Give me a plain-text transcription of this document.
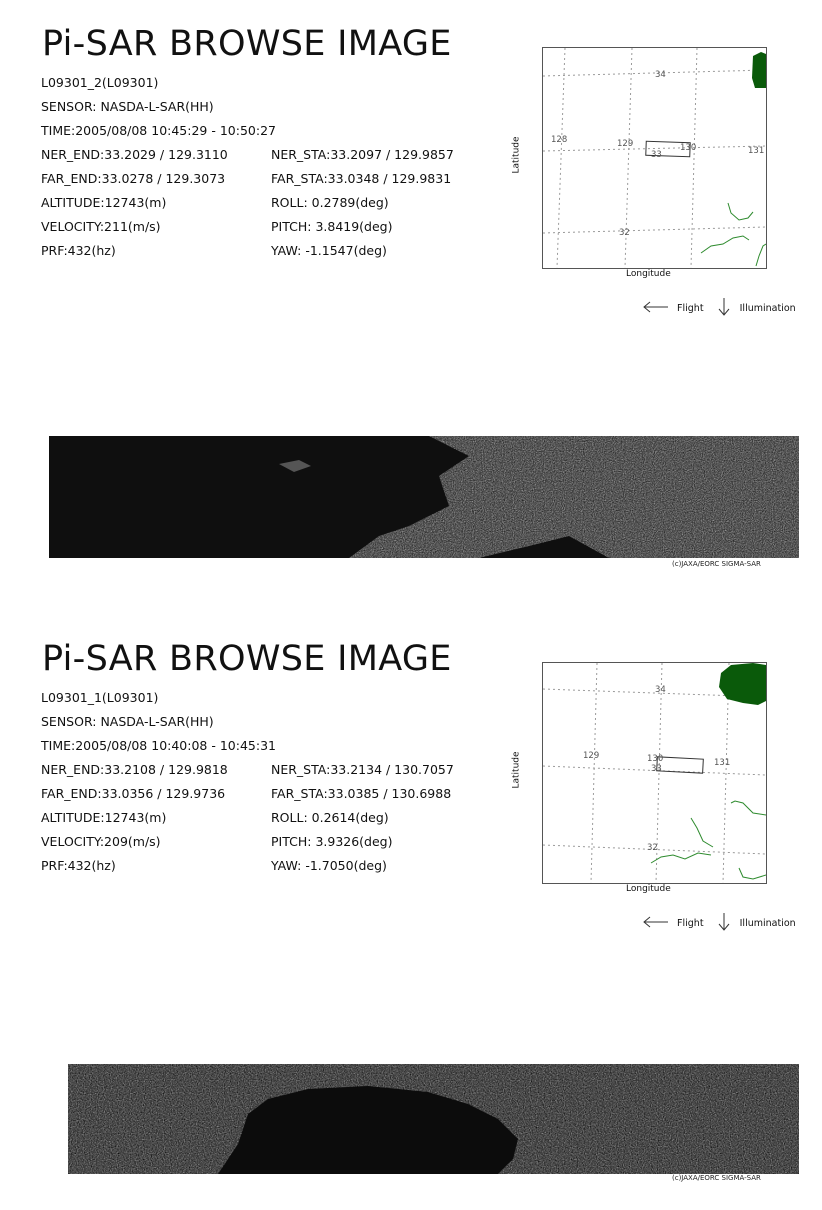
Pi-SAR BROWSE IMAGE
L09301_2(L09301)
SENSOR: NASDA-L-SAR(HH)
TIME:2005/08/08 10:45:29 - 10:50:27
NER_END:33.2029 / 129.3110	NER_STA:33.2097 / 129.9857
FAR_END:33.0278 / 129.3073	FAR_STA:33.0348 / 129.9831
ALTITUDE:12743(m)	ROLL: 0.2789(deg)
VELOCITY:211(m/s)	PITCH: 3.8419(deg)
PRF:432(hz)	YAW: -1.1547(deg)
34
128	129
33
130	131
32
Longitude
Latitude
Flight	Illumination
(c)JAXA/EORC SIGMA-SAR
Pi-SAR BROWSE IMAGE
L09301_1(L09301)
SENSOR: NASDA-L-SAR(HH)
TIME:2005/08/08 10:40:08 - 10:45:31
NER_END:33.2108 / 129.9818	NER_STA:33.2134 / 130.7057
FAR_END:33.0356 / 129.9736	FAR_STA:33.0385 / 130.6988
ALTITUDE:12743(m)	ROLL: 0.2614(deg)
VELOCITY:209(m/s)	PITCH: 3.9326(deg)
PRF:432(hz)	YAW: -1.7050(deg)
34
129	130
33
131
32
Longitude
Latitude
Flight	Illumination
(c)JAXA/EORC SIGMA-SAR
